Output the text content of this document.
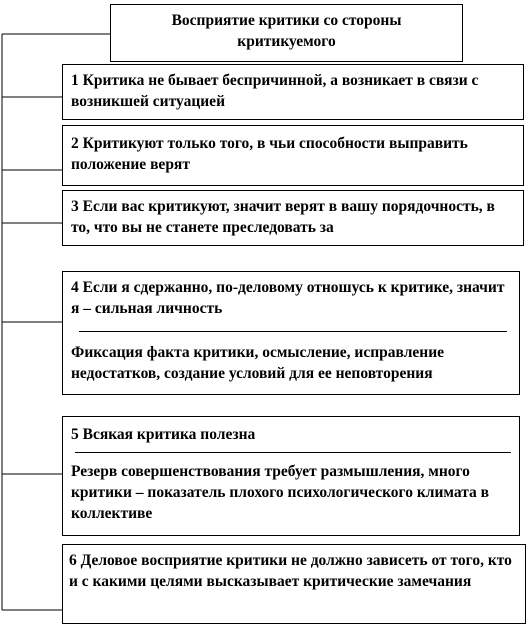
Восприятие критики со стороны критикуемого
1 Критика не бывает беспричинной, а возникает в связи с возникшей ситуацией
2 Критикуют только того, в чьи способности выправить положение верят
3 Если вас критикуют, значит верят в вашу порядочность, в то, что вы не станете преследовать за
4 Если я сдержанно, по-деловому отношусь к критике, значит я – сильная личность
Фиксация факта критики, осмысление, исправление недостатков, создание условий для ее неповторения
5 Всякая критика полезна
Резерв совершенствования требует размышления, много критики – показатель плохого психологического климата в коллективе
6 Деловое восприятие критики не должно зависеть от того, кто и с какими целями высказывает критические замечания
